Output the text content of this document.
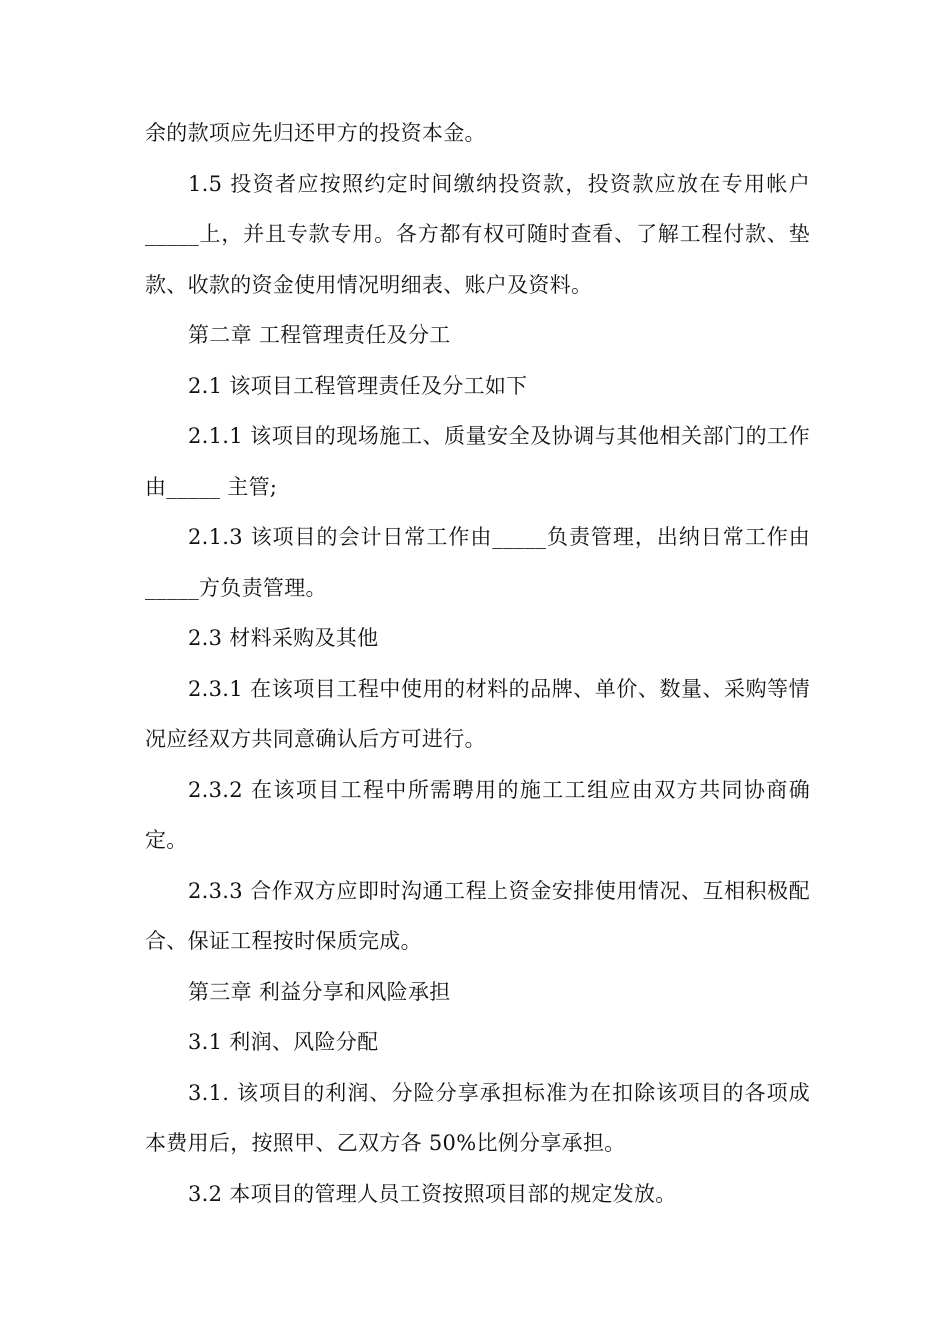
余的款项应先归还甲方的投资本金。

1.5 投资者应按照约定时间缴纳投资款，投资款应放在专用帐户_____上，并且专款专用。各方都有权可随时查看、了解工程付款、垫款、收款的资金使用情况明细表、账户及资料。

第二章 工程管理责任及分工

2.1 该项目工程管理责任及分工如下

2.1.1 该项目的现场施工、质量安全及协调与其他相关部门的工作由_____ 主管;

2.1.3 该项目的会计日常工作由_____负责管理，出纳日常工作由_____方负责管理。

2.3 材料采购及其他

2.3.1 在该项目工程中使用的材料的品牌、单价、数量、采购等情况应经双方共同意确认后方可进行。

2.3.2 在该项目工程中所需聘用的施工工组应由双方共同协商确定。

2.3.3 合作双方应即时沟通工程上资金安排使用情况、互相积极配合、保证工程按时保质完成。

第三章 利益分享和风险承担

3.1 利润、风险分配

3.1. 该项目的利润、分险分享承担标准为在扣除该项目的各项成 本费用后，按照甲、乙双方各 50%比例分享承担。

3.2 本项目的管理人员工资按照项目部的规定发放。
